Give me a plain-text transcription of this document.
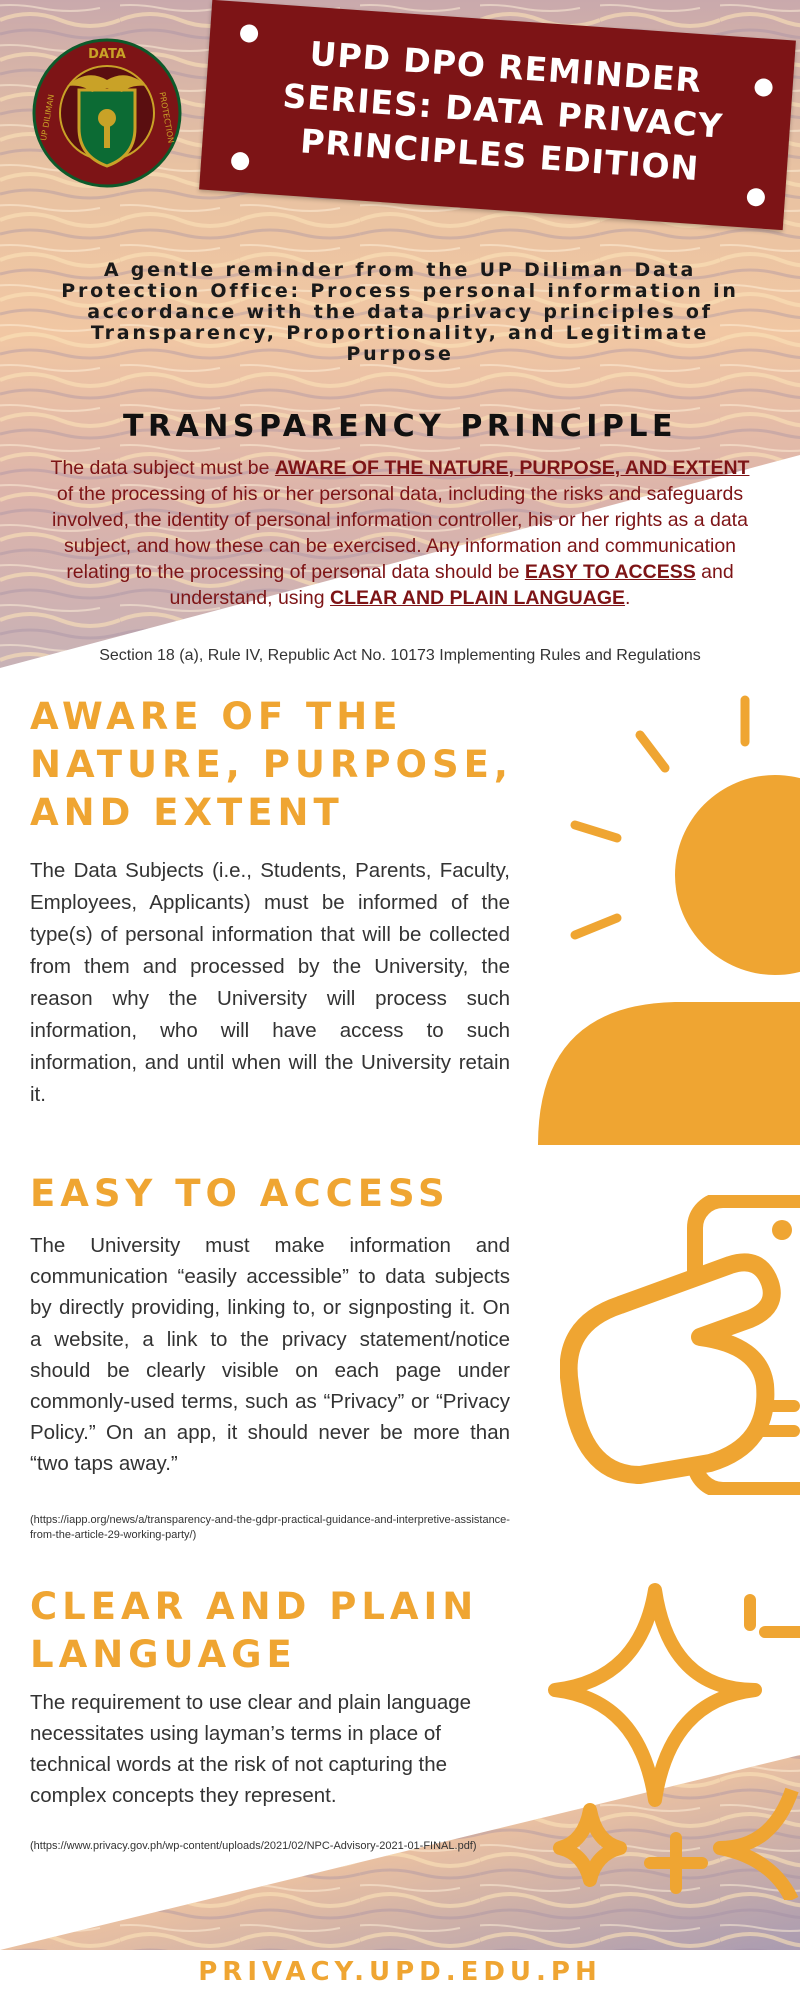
DATA
UP DILIMAN	PROTECTION
UPD DPO REMINDER SERIES: DATA PRIVACY PRINCIPLES EDITION
A gentle reminder from the UP Diliman Data Protection Office: Process personal information in accordance with the data privacy principles of Transparency, Proportionality, and Legitimate Purpose
TRANSPARENCY PRINCIPLE
The data subject must be AWARE OF THE NATURE, PURPOSE, AND EXTENT of the processing of his or her personal data, including the risks and safeguards involved, the identity of personal information controller, his or her rights as a data subject, and how these can be exercised. Any information and communication relating to the processing of personal data should be EASY TO ACCESS and understand, using CLEAR AND PLAIN LANGUAGE.
Section 18 (a), Rule IV, Republic Act No. 10173 Implementing Rules and Regulations
AWARE OF THE NATURE, PURPOSE, AND EXTENT
The Data Subjects (i.e., Students, Parents, Faculty, Employees, Applicants) must be informed of the type(s) of personal information that will be collected from them and processed by the University, the reason why the University will process such information, who will have access to such information, and until when will the University retain it.
EASY TO ACCESS
The University must make information and communication “easily accessible” to data subjects by directly providing, linking to, or signposting it. On a website, a link to the privacy statement/notice should be clearly visible on each page under commonly-used terms, such as “Privacy” or “Privacy Policy.” On an app, it should never be more than “two taps away.”
(https://iapp.org/news/a/transparency-and-the-gdpr-practical-guidance-and-interpretive-assistance-from-the-article-29-working-party/)
CLEAR AND PLAIN LANGUAGE
The requirement to use clear and plain language necessitates using layman’s terms in place of technical words at the risk of not capturing the complex concepts they represent.
(https://www.privacy.gov.ph/wp-content/uploads/2021/02/NPC-Advisory-2021-01-FINAL.pdf)
PRIVACY.UPD.EDU.PH
